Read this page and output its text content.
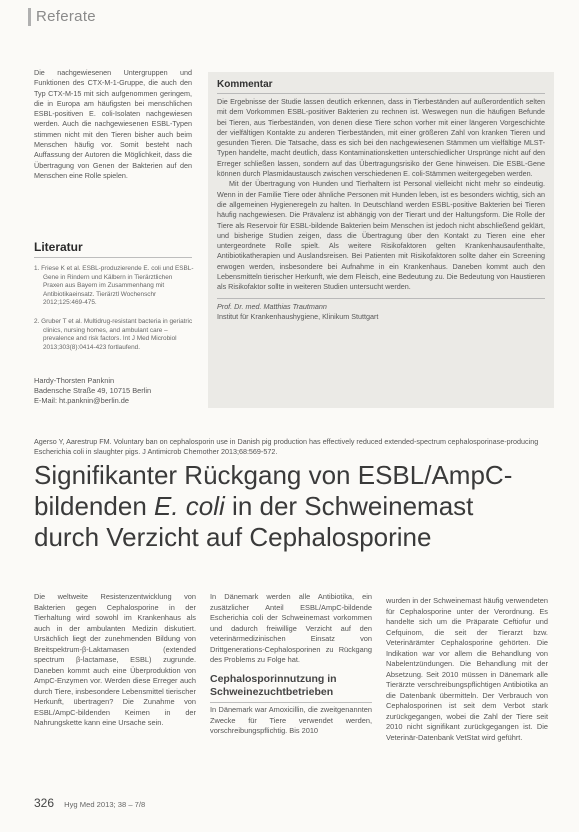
Referate

Die nachgewiesenen Untergruppen und Funktionen des CTX-M-1-Gruppe, die auch den Typ CTX-M-15 mit sich aufgenommen geringem, die in Europa am häufigsten bei menschlichen ESBL-positiven E. coli-Isolaten nachgewiesen werden. Auch die nachgewiesenen ESBL-Typen stimmen nicht mit den Tieren bisher auch beim Menschen häufig vor. Somit besteht nach Auffassung der Autoren die Möglichkeit, dass die Übertragung von Genen der Bakterien auf den Menschen eine Rolle spielen.

Literatur
1. Friese K et al. ESBL-produzierende E. coli und ESBL-Gene in Rindern und Kälbern in Tierärztlichen Praxen aus Bayern im Zusammenhang mit Antibiotikaeinsatz. Tierärztl Wochenschr 2012;125:469-475.
2. Gruber T et al. Multidrug-resistant bacteria in geriatric clinics, nursing homes, and ambulant care – prevalence and risk factors. Int J Med Microbiol 2013;303(8):0414-423 fortlaufend.
Hardy-Thorsten Panknin
Badensche Straße 49, 10715 Berlin
E-Mail: ht.panknin@berlin.de
Kommentar

Die Ergebnisse der Studie lassen deutlich erkennen, dass in Tierbeständen auf außerordentlich selten mit dem Vorkommen ESBL-positiver Bakterien zu rechnen ist. Weswegen nun die häufigen Befunde bei Tieren, aus Tierbeständen, von denen diese Tiere schon vorher mit einer längeren Vorgeschichte der vielfältigen Kontakte zu anderen Tierbeständen, mit einer größeren Zahl von kranken Tieren und gesunden Tieren. Die Tatsache, dass es sich bei den nachgewiesenen Stämmen um vielfältige MLST-Typen handelte, macht deutlich, dass Kontaminationsketten unterschiedlicher Ursprünge nicht auf den Erreger schließen lassen, sondern auf das Übertragungsrisiko der Gene hinweisen. Die ESBL-Gene können durch Plasmidaustausch zwischen verschiedenen E. coli-Stämmen weitergegeben werden.

Mit der Übertragung von Hunden und Tierhaltern ist Personal vielleicht nicht mehr so eindeutig. Wenn in der Familie Tiere oder ähnliche Personen mit Hunden leben, ist es besonders wichtig, sich an die allgemeinen Hygieneregeln zu halten. In Deutschland werden ESBL-positive Bakterien bei Tieren häufig nachgewiesen. Die Prävalenz ist abhängig von der Tierart und der Haltungsform. Die Rolle der Tiere als Reservoir für ESBL-bildende Bakterien beim Menschen ist jedoch nicht abschließend geklärt, und bisherige Studien zeigen, dass die Übertragung über den Kontakt zu Tieren eine eher untergeordnete Rolle spielt. Als weitere Risikofaktoren gelten Krankenhausaufenthalte, Antibiotikatherapien und Auslandsreisen. Bei Patienten mit Risikofaktoren sollte daher ein Screening erwogen werden, insbesondere bei Aufnahme in ein Krankenhaus. Daneben kommt auch den Lebensmitteln tierischer Herkunft, wie dem Fleisch, eine Bedeutung zu. Die Bedeutung von Haustieren als Risikofaktor sollte in weiteren Studien untersucht werden.

Prof. Dr. med. Matthias Trautmann
Institut für Krankenhaushygiene, Klinikum Stuttgart
Agerso Y, Aarestrup FM. Voluntary ban on cephalosporin use in Danish pig production has effectively reduced extended-spectrum cephalosporinase-producing Escherichia coli in slaughter pigs. J Antimicrob Chemother 2013;68:569-572.
Signifikanter Rückgang von ESBL/AmpC-
bildenden E. coli in der Schweinemast
durch Verzicht auf Cephalosporine

Die weltweite Resistenzentwicklung von Bakterien gegen Cephalosporine in der Tierhaltung wird sowohl im Krankenhaus als auch in der ambulanten Medizin diskutiert. Ursächlich liegt der zunehmenden Bildung von Breitspektrum-β-Laktamasen (extended spectrum β-lactamase, ESBL) zugrunde. Daneben kommt auch eine Überproduktion von AmpC-Enzymen vor. Werden diese Erreger auch durch Tiere, insbesondere Lebensmittel tierischer Herkunft, übertragen? Die Zunahme von ESBL/AmpC-bildenden Keimen in der Nahrungskette kann eine Ursache sein.

In Dänemark werden alle Antibiotika, ein zusätzlicher Anteil ESBL/AmpC-bildende Escherichia coli der Schweinemast vorkommen und dadurch freiwillige Verzicht auf den veterinärmedizinischen Einsatz von Drittgenerations-Cephalosporinen zu Rückgang des Problems zu Folge hat.

Cephalosporinnutzung in Schweinezuchtbetrieben

In Dänemark war Amoxicillin, die zweitgenannten Zwecke für Tiere verwendet werden, vorschreibungspflichtig. Bis 2010

wurden in der Schweinemast häufig verwendeten für Cephalosporine unter der Verordnung. Es handelte sich um die Präparate Ceftiofur und Cefquinom, die seit der Tierarzt bzw. Veterinärämter Cephalosporine gehörten. Die Indikation war vor allem die Behandlung von Nabelentzündungen. Die Behandlung mit der Absetzung. Seit 2010 müssen in Dänemark alle Tierärzte verschreibungspflichtigen Antibiotika an die Datenbank übermitteln. Der Verbrauch von Cephalosporinen ist seit dem Verbot stark zurückgegangen, wobei die Zahl der Tiere seit 2010 nicht signifikant zurückgegangen ist. Die Veterinär-Datenbank VetStat wird geführt.

326 Hyg Med 2013; 38 – 7/8
